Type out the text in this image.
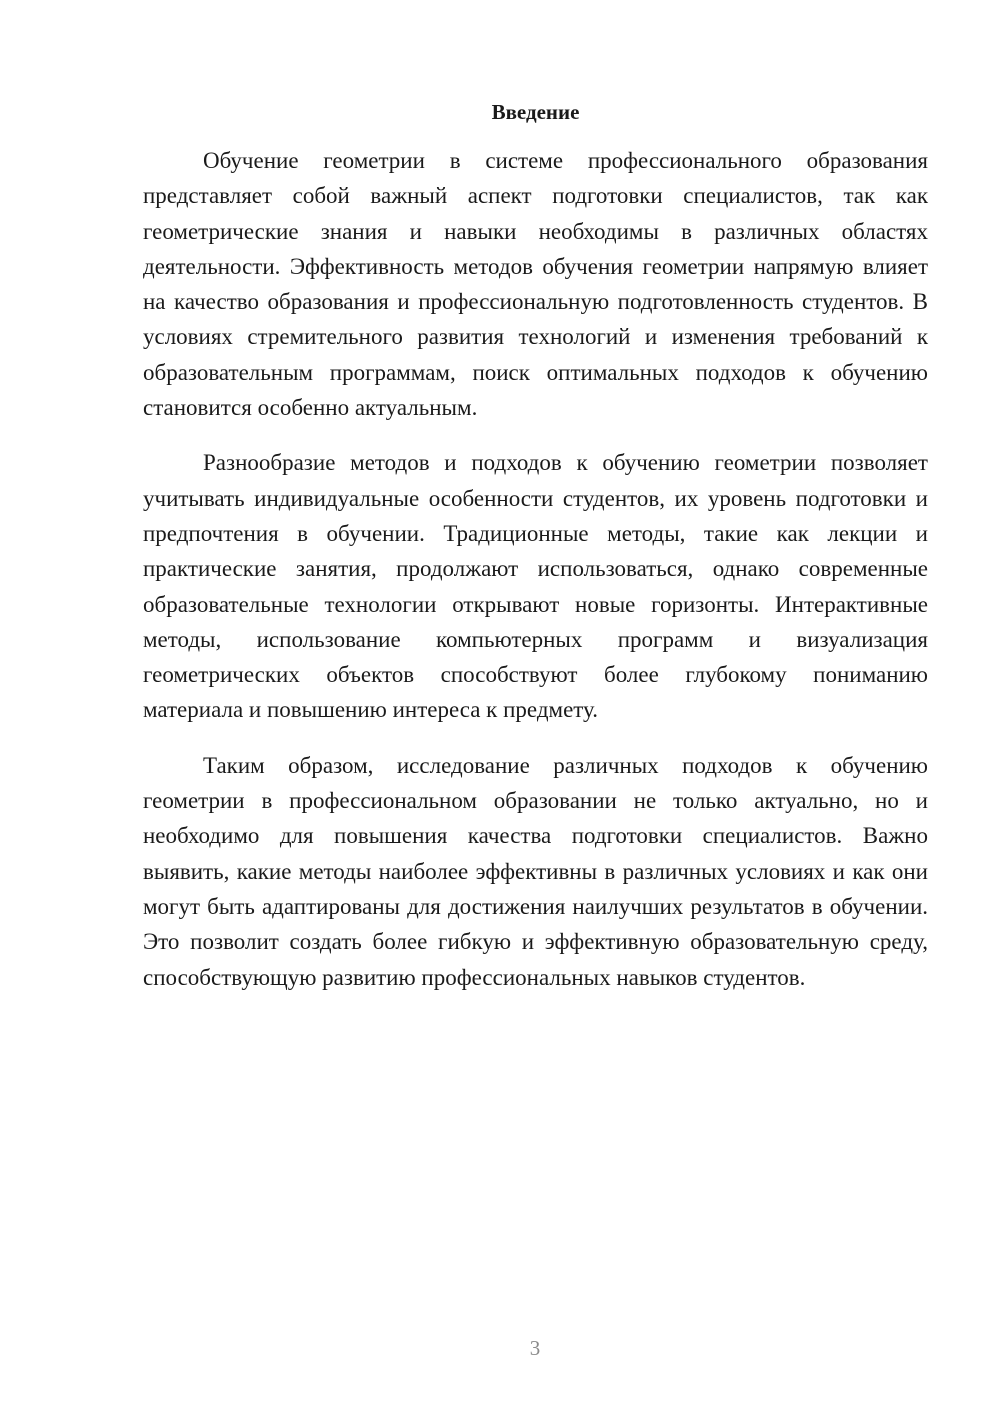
Введение

Обучение геометрии в системе профессионального образования представляет собой важный аспект подготовки специалистов, так как геометрические знания и навыки необходимы в различных областях деятельности. Эффективность методов обучения геометрии напрямую влияет на качество образования и профессиональную подготовленность студентов. В условиях стремительного развития технологий и изменения требований к образовательным программам, поиск оптимальных подходов к обучению становится особенно актуальным.

Разнообразие методов и подходов к обучению геометрии позволяет учитывать индивидуальные особенности студентов, их уровень подготовки и предпочтения в обучении. Традиционные методы, такие как лекции и практические занятия, продолжают использоваться, однако современные образовательные технологии открывают новые горизонты. Интерактивные методы, использование компьютерных программ и визуализация геометрических объектов способствуют более глубокому пониманию материала и повышению интереса к предмету.

Таким образом, исследование различных подходов к обучению геометрии в профессиональном образовании не только актуально, но и необходимо для повышения качества подготовки специалистов. Важно выявить, какие методы наиболее эффективны в различных условиях и как они могут быть адаптированы для достижения наилучших результатов в обучении. Это позволит создать более гибкую и эффективную образовательную среду, способствующую развитию профессиональных навыков студентов.

3
